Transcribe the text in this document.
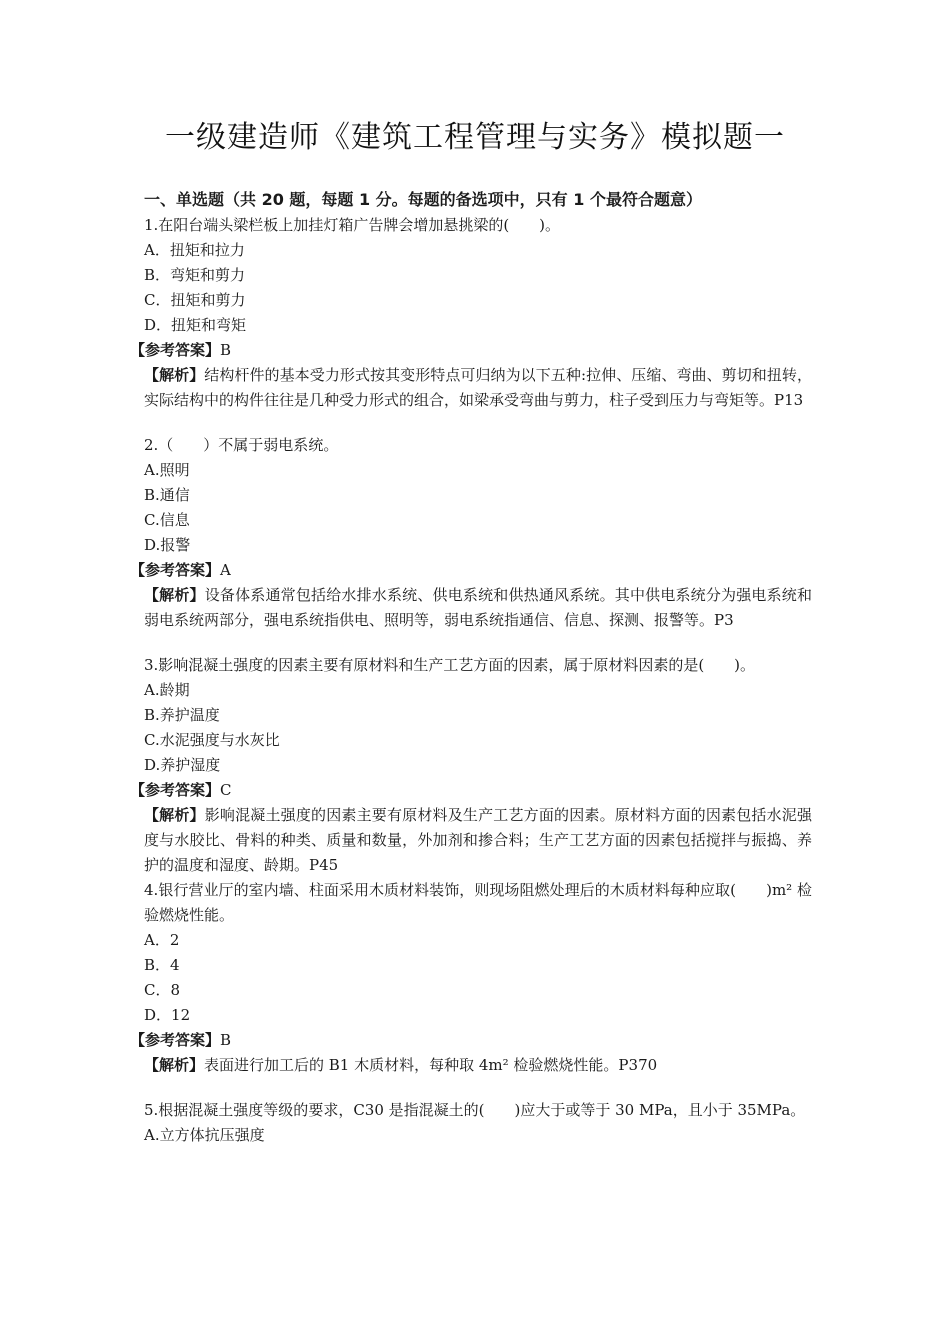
一级建造师《建筑工程管理与实务》模拟题一
一、单选题（共 20 题，每题 1 分。每题的备选项中，只有 1 个最符合题意）
1.在阳台端头梁栏板上加挂灯箱广告牌会增加悬挑梁的(　　)。
A．扭矩和拉力
B．弯矩和剪力
C．扭矩和剪力
D．扭矩和弯矩
【参考答案】B
【解析】结构杆件的基本受力形式按其变形特点可归纳为以下五种:拉伸、压缩、弯曲、剪切和扭转，实际结构中的构件往往是几种受力形式的组合，如梁承受弯曲与剪力，柱子受到压力与弯矩等。P13
2.（　　）不属于弱电系统。
A.照明
B.通信
C.信息
D.报警
【参考答案】A
【解析】设备体系通常包括给水排水系统、供电系统和供热通风系统。其中供电系统分为强电系统和弱电系统两部分，强电系统指供电、照明等，弱电系统指通信、信息、探测、报警等。P3
3.影响混凝土强度的因素主要有原材料和生产工艺方面的因素，属于原材料因素的是(　　)。
A.龄期
B.养护温度
C.水泥强度与水灰比
D.养护湿度
【参考答案】C
【解析】影响混凝土强度的因素主要有原材料及生产工艺方面的因素。原材料方面的因素包括水泥强度与水胶比、骨料的种类、质量和数量，外加剂和掺合料；生产工艺方面的因素包括搅拌与振捣、养护的温度和湿度、龄期。P45
4.银行营业厅的室内墙、柱面采用木质材料装饰，则现场阻燃处理后的木质材料每种应取(　　)m² 检验燃烧性能。
A．2
B．4
C．8
D．12
【参考答案】B
【解析】表面进行加工后的 B1 木质材料，每种取 4m² 检验燃烧性能。P370
5.根据混凝土强度等级的要求，C30 是指混凝土的(　　)应大于或等于 30 MPa，且小于 35MPa。
A.立方体抗压强度
